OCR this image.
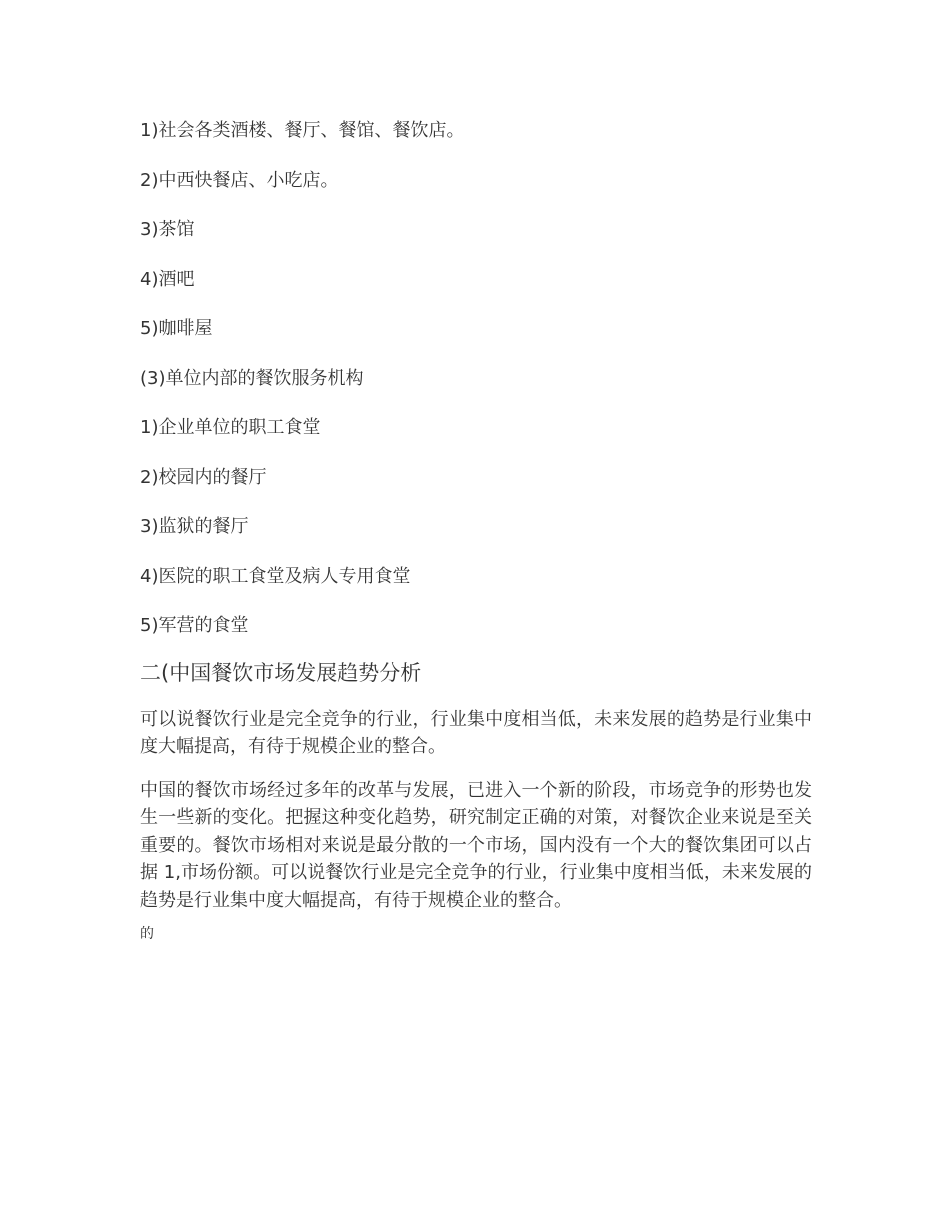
1)社会各类酒楼、餐厅、餐馆、餐饮店。
2)中西快餐店、小吃店。
3)茶馆
4)酒吧
5)咖啡屋
(3)单位内部的餐饮服务机构
1)企业单位的职工食堂
2)校园内的餐厅
3)监狱的餐厅
4)医院的职工食堂及病人专用食堂
5)军营的食堂
二(中国餐饮市场发展趋势分析

可以说餐饮行业是完全竞争的行业，行业集中度相当低，未来发展的趋势是行业集中度大幅提高，有待于规模企业的整合。

中国的餐饮市场经过多年的改革与发展，已进入一个新的阶段，市场竞争的形势也发生一些新的变化。把握这种变化趋势，研究制定正确的对策，对餐饮企业来说是至关重要的。餐饮市场相对来说是最分散的一个市场，国内没有一个大的餐饮集团可以占据 1,市场份额。可以说餐饮行业是完全竞争的行业，行业集中度相当低，未来发展的趋势是行业集中度大幅提高，有待于规模企业的整合。

的
